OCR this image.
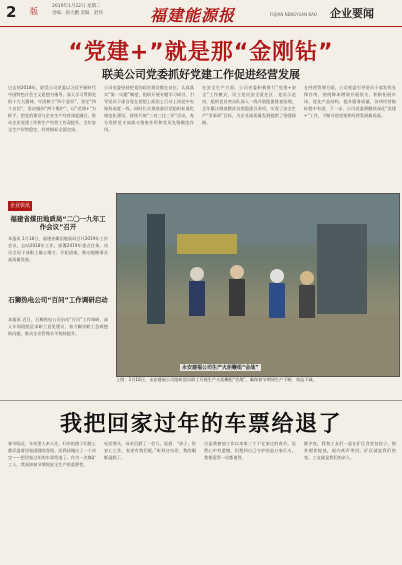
2 版
2019年1月22日 星期二
责编：段大鹏 美编：赵伟	福建能源报	FUJIAN NENGYUAN BAO 企业要闻
“党建+”就是那“金刚钻”
联美公司党委抓好党建工作促进经营发展
过去的2018年，联美公司党委以习近平新时代中国特色社会主义思想为指导，深入学习贯彻党的十九大精神，牢固树立“四个意识”，坚定“四个自信”，坚决做到“两个维护”，以“党建+”为抓手，把党的建设与企业生产经营深度融合，推动企业党建工作和生产经营工作双提升，全年安全生产形势稳定，经营指标全面完成。
公司党委坚持把党的政治建设摆在首位，认真落实“第一议题”制度，组织开展专题学习研讨，引导党员干部自觉在思想上政治上行动上同党中央保持高度一致。同时扎实推进基层党组织标准化规范化建设，持续开展“三亮三比三评”活动，充分发挥党支部战斗堡垒作用和党员先锋模范作用。
在安全生产方面，公司党委积极推行“党建+安全”工作模式，设立党员安全责任区、党员示范岗，组织党员突击队深入一线开展隐患排查治理，全年累计排查整改各类隐患百余项，实现了安全生产“零事故”目标，为企业高质量发展提供了坚强保障。
在经营管理方面，公司党委引导党员干部发挥先锋作用，围绕降本增效开展攻关，积极拓展市场，优化产品结构，提升服务质量，各项经营指标稳中有进。下一步，公司党委将继续深化“党建+”工作，不断开创党建和经营发展新局面。
企业快讯
福建省煤田地质局“二〇一九年工作会议”召开
本报讯 1月18日，福建省煤田地质局召开2019年工作会议，总结2018年工作，部署2019年重点任务，动员全局干部职工凝心聚力、开拓进取，推动地勘事业高质量发展。
石狮热电公司“百问”工作调研启动
本报讯 近日，石狮热电公司启动“百问”工作调研，深入车间班组征求职工意见建议，着力解决职工急难愁盼问题，推动企业管理水平持续提升。
永安建福公司生产火炬鞭组“会战”
上图：1月16日，永安建福公司组织党员职工开展生产火炬鞭组“会战”，确保春节期间生产不断、效益不减。
我把回家过年的车票给退了
春节临近，车站里人来人往，归乡的游子们脸上都洋溢着回家团圆的喜悦。而我却做出了一个决定——把回家过年的车票给退了。作为一名煤矿工人，我深知春节期间安全生产的重要性。
电话那头，母亲沉默了一会儿，说道：“孩子，你安心工作，家里有我们呢。”听到这句话，我的眼眶湿润了。
这是我参加工作以来第三个不在家过的春节，虽然心中有遗憾，但想到自己守护的是万家灯火，我便觉得一切都值得。
除夕夜，我和工友们一起在矿区食堂包饺子，窗外烟花绽放，屋内欢声笑语。矿区就是我们的家，工友就是我们的亲人。
